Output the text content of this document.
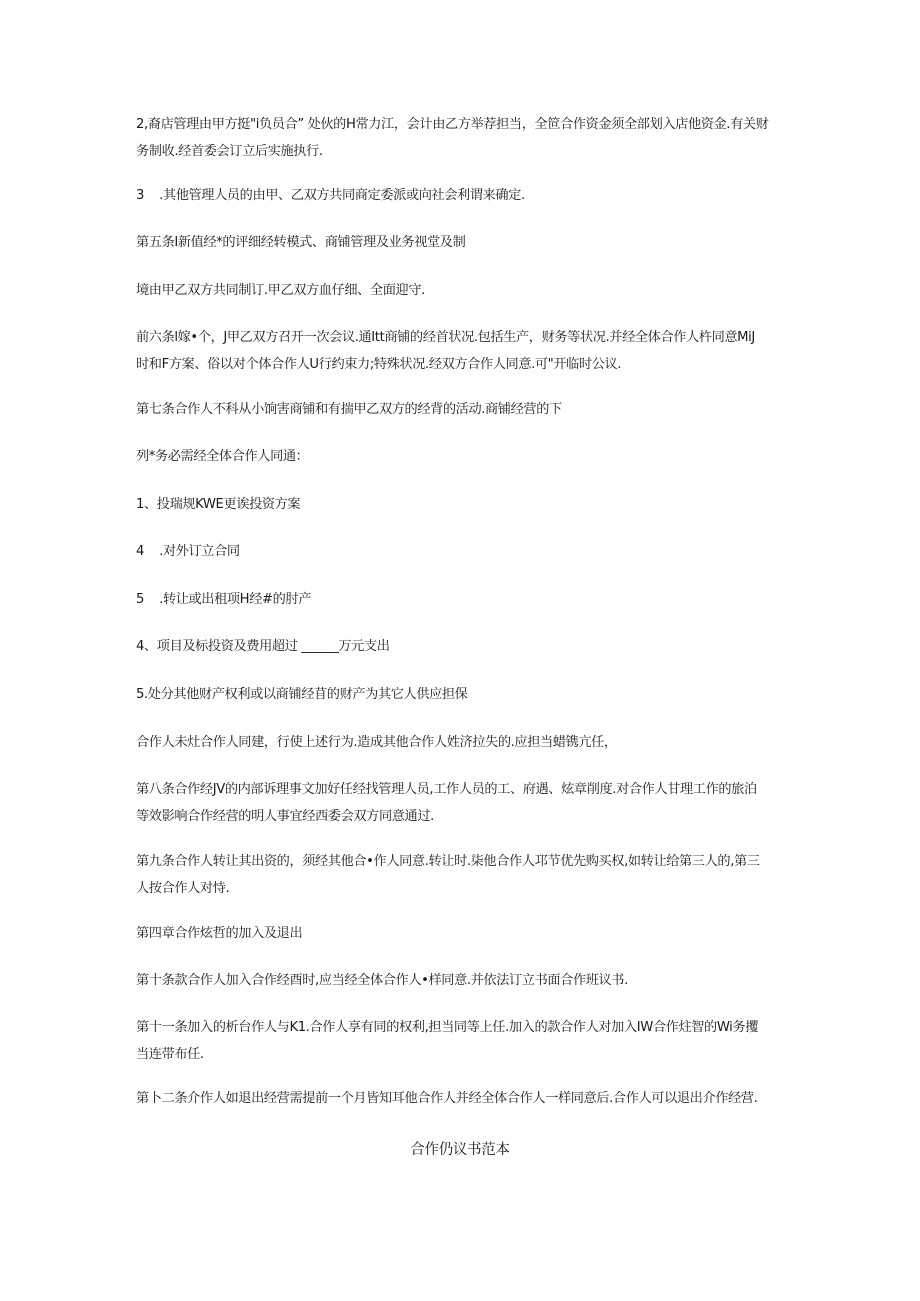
2,裔店管理由甲方挺"i负员合” 处伙的H常力江，会计由乙方举荐担当，全笸合作资金须全部划入店他资金.有关财
务制收.经首委会订立后实施执行.
3    .其他管理人员的由甲、乙双方共同商定委派或向社会利谓来确定.
第五条I新值经*的评细经转模式、商铺管理及业务视堂及制
境由甲乙双方共同制订.甲乙双方血仔细、全面迎守.
前六条l嫁•个，J甲乙双方召开一次会议.通Itt商铺的经首状况.包括生产，财务等状况.并经全体合作人杵同意MiJ
时和F方案、俗以对个体合作人U行约束力;特殊状况.经双方合作人同意.可"开临时公议.
第七条合作人不科从小饷害商铺和有揣甲乙双方的经背的活动.商铺经营的下
列*务必需经全体合作人同通：
1、投瑞规KWE更诶投资方案
4    .对外订立合同
5    .转让或出租项H经#的肘产
4、项目及标投资及费用超过 ______万元支出
5.处分其他财产权利或以商铺经苜的财产为其它人供应担保
合作人未灶合作人同建，行使上述行为.造成其他合作人姓济拉失的.应担当蜡镌亢任，
第八条合作经JV的内部诉理事文加好任经找管理人员,工作人员的工、府遇、炫章削度.对合作人甘理工作的旅泊
等效影响合作经营的明人事宜经西委会双方同意通过.
第九条合作人转让其出资的，须经其他合•作人同意.转让时.柒他合作人邛节优先购买权,如转让给第三人的,第三
人按合作人对恃.
第四章合作炫哲的加入及退出
第十条款合作人加入合作经酉时,应当经全体合作人•样同意.并依法订立书面合作班议书.
第十一条加入的析台作人与K1.合作人享有同的权利,担当同等上任.加入的款合作人对加入IW合作炷智的Wi务攫
当连带布任.
第卜二条介作人如退出经营需提前一个月皆知耳他合作人并经全体合作人一样同意后.合作人可以退出介作经营.
合作仍议书范本
